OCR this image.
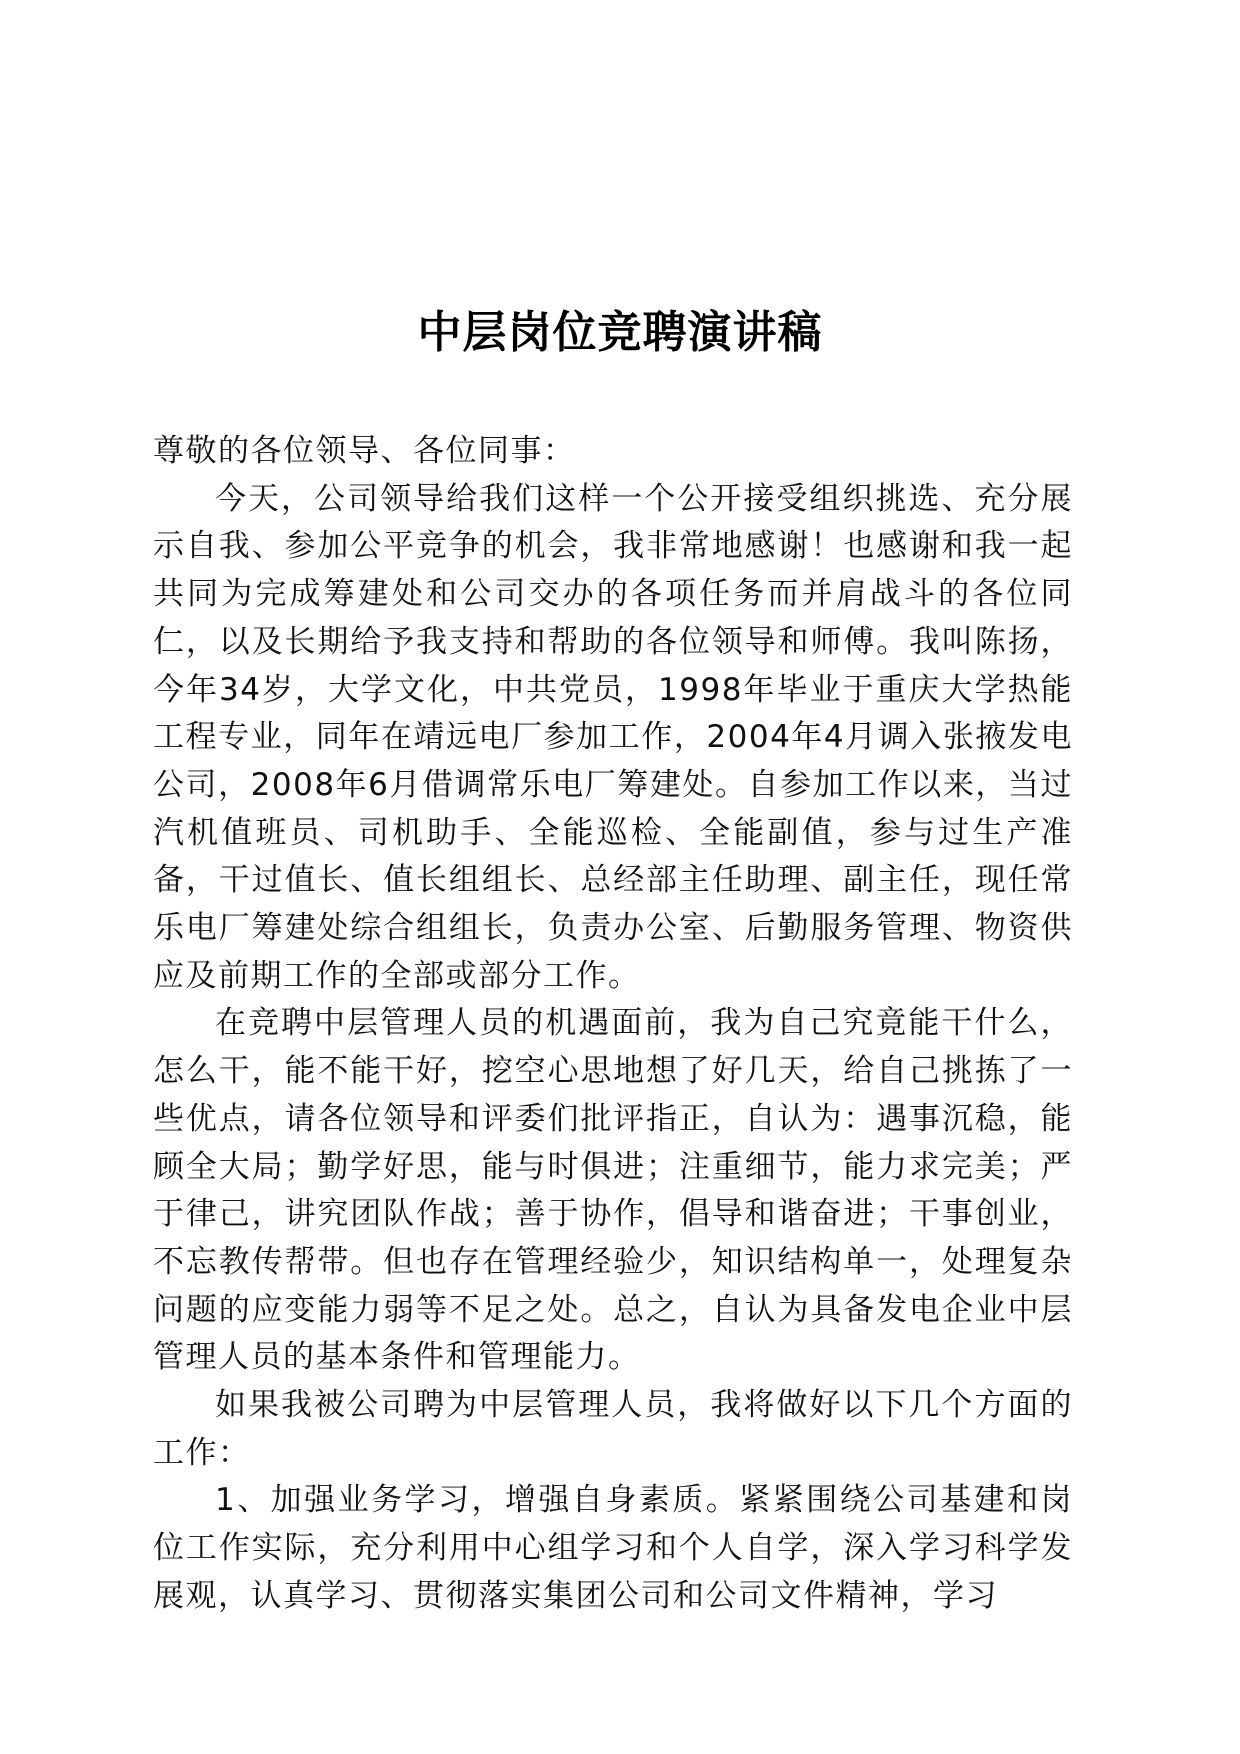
中层岗位竞聘演讲稿

尊敬的各位领导、各位同事：

今天，公司领导给我们这样一个公开接受组织挑选、充分展示自我、参加公平竞争的机会，我非常地感谢！也感谢和我一起共同为完成筹建处和公司交办的各项任务而并肩战斗的各位同仁，以及长期给予我支持和帮助的各位领导和师傅。我叫陈扬，今年34岁，大学文化，中共党员，1998年毕业于重庆大学热能工程专业，同年在靖远电厂参加工作，2004年4月调入张掖发电公司，2008年6月借调常乐电厂筹建处。自参加工作以来，当过汽机值班员、司机助手、全能巡检、全能副值，参与过生产准备，干过值长、值长组组长、总经部主任助理、副主任，现任常乐电厂筹建处综合组组长，负责办公室、后勤服务管理、物资供应及前期工作的全部或部分工作。

在竞聘中层管理人员的机遇面前，我为自己究竟能干什么，怎么干，能不能干好，挖空心思地想了好几天，给自己挑拣了一些优点，请各位领导和评委们批评指正，自认为：遇事沉稳，能顾全大局；勤学好思，能与时俱进；注重细节，能力求完美；严于律己，讲究团队作战；善于协作，倡导和谐奋进；干事创业，不忘教传帮带。但也存在管理经验少，知识结构单一，处理复杂问题的应变能力弱等不足之处。总之，自认为具备发电企业中层管理人员的基本条件和管理能力。

如果我被公司聘为中层管理人员，我将做好以下几个方面的工作：

1、加强业务学习，增强自身素质。紧紧围绕公司基建和岗位工作实际，充分利用中心组学习和个人自学，深入学习科学发展观，认真学习、贯彻落实集团公司和公司文件精神，学习
